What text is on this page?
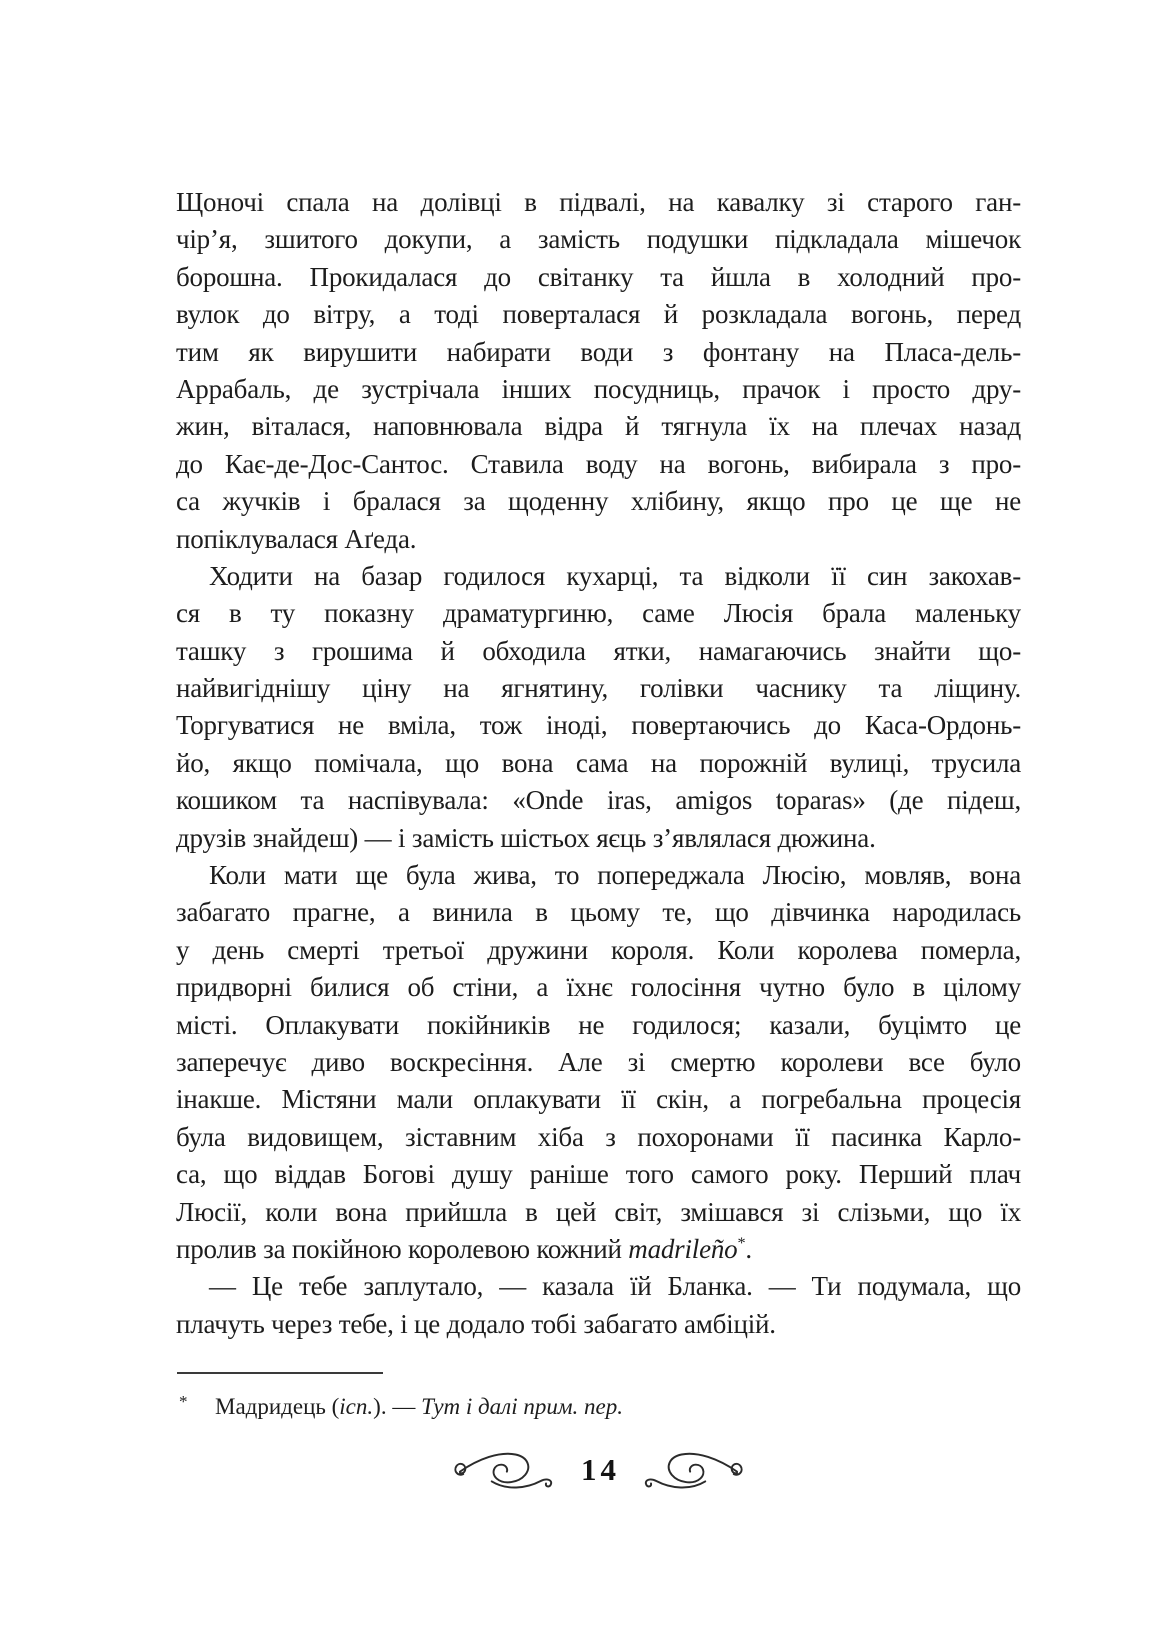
Щоночі спала на долівці в підвалі, на кавалку зі старого ган-
чір’я, зшитого докупи, а замість подушки підкладала мішечок
борошна. Прокидалася до світанку та йшла в холодний про-
вулок до вітру, а тоді поверталася й розкладала вогонь, перед
тим як вирушити набирати води з фонтану на Пласа-дель-
Аррабаль, де зустрічала інших посудниць, прачок і просто дру-
жин, віталася, наповнювала відра й тягнула їх на плечах назад
до Кає-де-Дос-Сантос. Ставила воду на вогонь, вибирала з про-
са жучків і бралася за щоденну хлібину, якщо про це ще не
попіклувалася Аґеда.
Ходити на базар годилося кухарці, та відколи її син закохав-
ся в ту показну драматургиню, саме Люсія брала маленьку
ташку з грошима й обходила ятки, намагаючись знайти що-
найвигіднішу ціну на ягнятину, голівки часнику та ліщину.
Торгуватися не вміла, тож іноді, повертаючись до Каса-Ордонь-
йо, якщо помічала, що вона сама на порожній вулиці, трусила
кошиком та наспівувала: «Onde iras, amigos toparas» (де підеш,
друзів знайдеш) — і замість шістьох яєць з’являлася дюжина.
Коли мати ще була жива, то попереджала Люсію, мовляв, вона
забагато прагне, а винила в цьому те, що дівчинка народилась
у день смерті третьої дружини короля. Коли королева померла,
придворні билися об стіни, а їхнє голосіння чутно було в цілому
місті. Оплакувати покійників не годилося; казали, буцімто це
заперечує диво воскресіння. Але зі смертю королеви все було
інакше. Містяни мали оплакувати її скін, а погребальна процесія
була видовищем, зіставним хіба з похоронами її пасинка Карло-
са, що віддав Богові душу раніше того самого року. Перший плач
Люсії, коли вона прийшла в цей світ, змішався зі слізьми, що їх
пролив за покійною королевою кожний madrileño*.
— Це тебе заплутало, — казала їй Бланка. — Ти подумала, що
плачуть через тебе, і це додало тобі забагато амбіцій.
* Мадридець (ісп.). — Тут і далі прим. пер.
14
